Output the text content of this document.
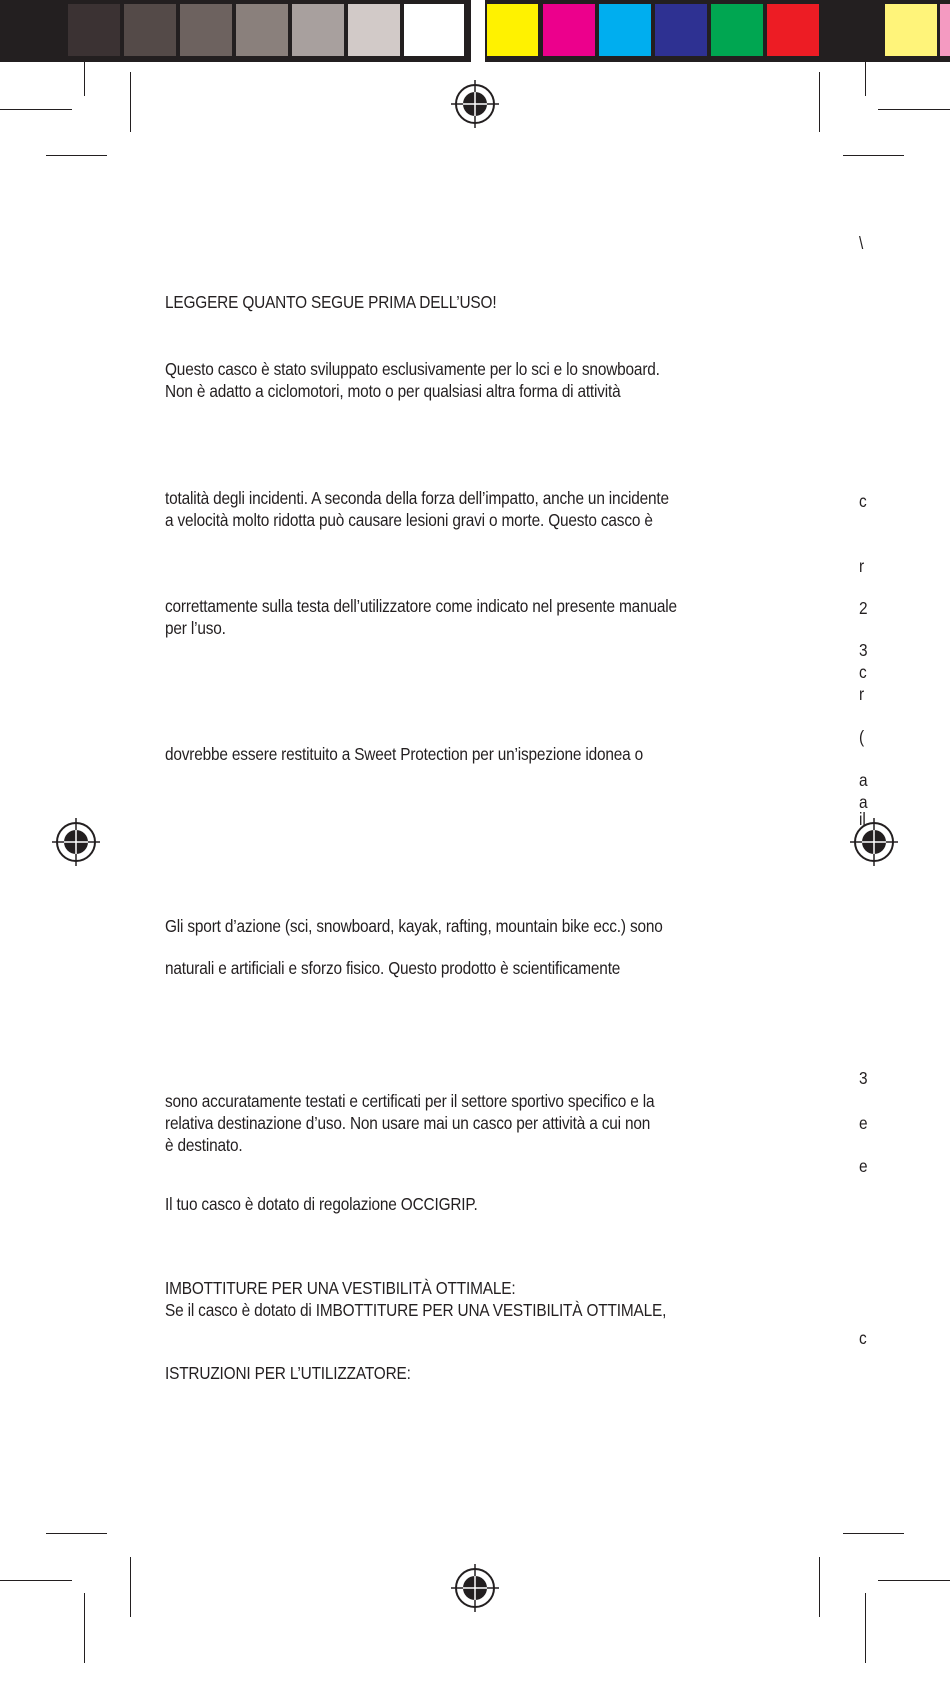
LEGGERE QUANTO SEGUE PRIMA DELL’USO!
Questo casco è stato sviluppato esclusivamente per lo sci e lo snowboard.
Non è adatto a ciclomotori, moto o per qualsiasi altra forma di attività
totalità degli incidenti. A seconda della forza dell’impatto, anche un incidente
a velocità molto ridotta può causare lesioni gravi o morte. Questo casco è
correttamente sulla testa dell’utilizzatore come indicato nel presente manuale
per l’uso.
dovrebbe essere restituito a Sweet Protection per un’ispezione idonea o
Gli sport d’azione (sci, snowboard, kayak, rafting, mountain bike ecc.) sono
naturali e artificiali e sforzo fisico. Questo prodotto è scientificamente
sono accuratamente testati e certificati per il settore sportivo specifico e la
relativa destinazione d’uso. Non usare mai un casco per attività a cui non
è destinato.
Il tuo casco è dotato di regolazione OCCIGRIP.
IMBOTTITURE PER UNA VESTIBILITÀ OTTIMALE:
Se il casco è dotato di IMBOTTITURE PER UNA VESTIBILITÀ OTTIMALE,
ISTRUZIONI PER L’UTILIZZATORE:
\
c
r
2
3
c
r
(
a
a
il
3
e
e
c
